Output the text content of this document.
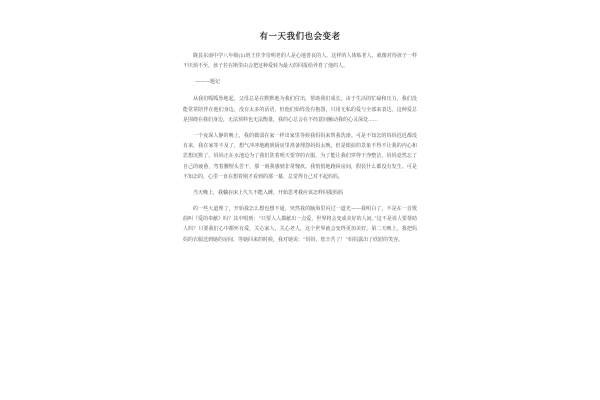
有一天我们也会变老

陇县东南中学八年级(1)班王佳李崇明老的人是心地善良的人。这样的人体贴老人，就像对待孩子一样不厌烦不至。孩子若在斯里由会把这种爱转为最大的回报给养育了他的人。

———题记

从我们呱呱坠地起，父母总是在默默地为我们付出，帮助我们成长。由于生活的忙碌和压力，我们没能常常陪伴在他们身边，没有太多的话语，但他们始终没有抱怨，只用无私的爱与全部来表达。这种爱总是围绕在我们身边，无法预料也无法衡量，我的心总会在不经意间触动我的心灵深处……

一个夜深人静的晚上，我的微弱在家一样出家里等候我妈妈来帮我洗澡。可是不知怎的妈妈迟迟都没有来，我在家等不及了，想气冲冲地跑到厨房里准备埋怨妈妈太晚，但是眼前的景象不得不让我的内心和思想沉默了。妈妈正在水池边为了我们洗着明天要穿的衣服，为了能让我们穿得干净整洁，妈妈竟然忘了自己的疲惫，弯着腰埋头苦干，那一刻我感到非常愧疚。我悄悄地跑回房间，假装什么都没有发生。可是不知怎的，心里一直在想着刚才看到的那一幕，总觉得自己对不起妈妈。

当天晚上，我躺在床上久久不能入睡，开始思考我应该怎样回报妈妈

的一些大道理了，开始我怎么想也想不通，突然我的脑海里闪过一道光——我明白了，不是在一首歌曲叫《爱的奉献》吗？其中唱到：“只要人人都献出一点爱，世界将会变成美好的人间。”这不是说人要帮助人吗？只要我们心中都怀有爱，关心家人，关心老人，这个世界就会变得更加美好。第二天晚上，我把妈妈的衣服送到她的房间，等她回来的时候，我对她说：“妈妈，您辛苦了！”妈妈露出了欣慰的笑容。
